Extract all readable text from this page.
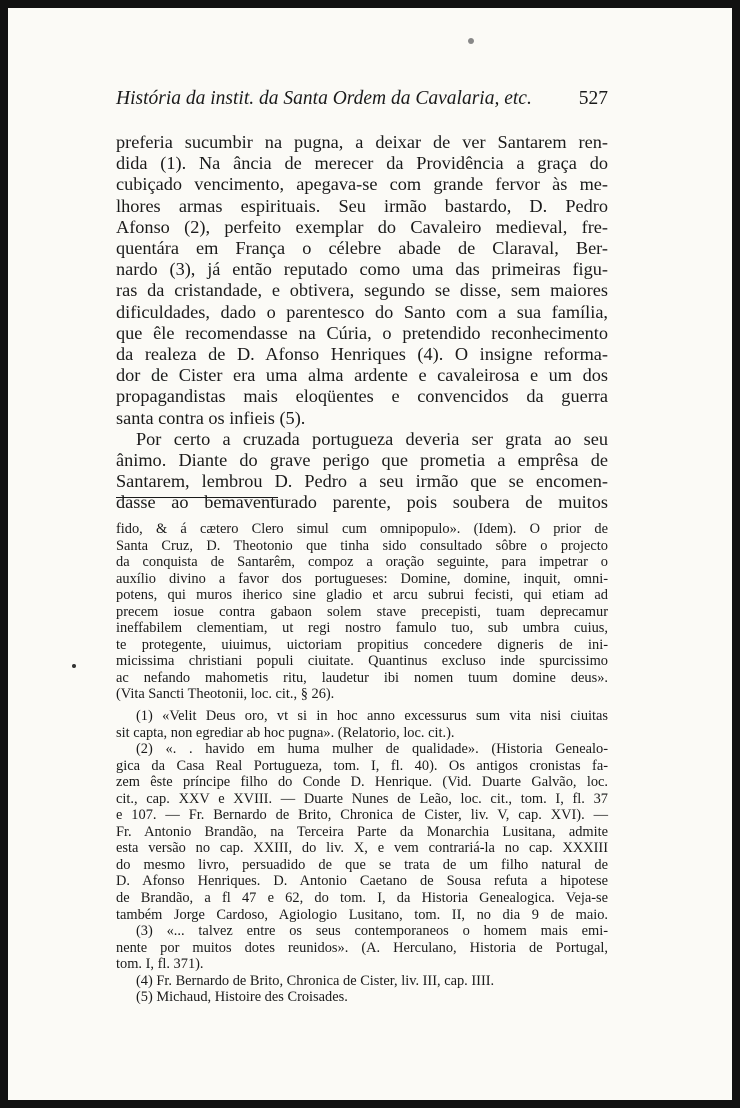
História da instit. da Santa Ordem da Cavalaria, etc. 527
preferia sucumbir na pugna, a deixar de ver Santarem ren-
dida (1). Na ância de merecer da Providência a graça do
cubiçado vencimento, apegava-se com grande fervor às me-
lhores armas espirituais. Seu irmão bastardo, D. Pedro
Afonso (2), perfeito exemplar do Cavaleiro medieval, fre-
quentára em França o célebre abade de Claraval, Ber-
nardo (3), já então reputado como uma das primeiras figu-
ras da cristandade, e obtivera, segundo se disse, sem maiores
dificuldades, dado o parentesco do Santo com a sua família,
que êle recomendasse na Cúria, o pretendido reconhecimento
da realeza de D. Afonso Henriques (4). O insigne reforma-
dor de Cister era uma alma ardente e cavaleirosa e um dos
propagandistas mais eloqüentes e convencidos da guerra
santa contra os infieis (5).
Por certo a cruzada portugueza deveria ser grata ao seu
ânimo. Diante do grave perigo que prometia a emprêsa de
Santarem, lembrou D. Pedro a seu irmão que se encomen-
dasse ao bemaventurado parente, pois soubera de muitos
fido, & á cætero Clero simul cum omnipopulo». (Idem). O prior de
Santa Cruz, D. Theotonio que tinha sido consultado sôbre o projecto
da conquista de Santarêm, compoz a oração seguinte, para impetrar o
auxílio divino a favor dos portugueses: Domine, domine, inquit, omni-
potens, qui muros iherico sine gladio et arcu subrui fecisti, qui etiam ad
precem iosue contra gabaon solem stave precepisti, tuam deprecamur
ineffabilem clementiam, ut regi nostro famulo tuo, sub umbra cuius,
te protegente, uiuimus, uictoriam propitius concedere digneris de ini-
micissima christiani populi ciuitate. Quantinus excluso inde spurcissimo
ac nefando mahometis ritu, laudetur ibi nomen tuum domine deus».
(Vita Sancti Theotonii, loc. cit., § 26).
(1) «Velit Deus oro, vt si in hoc anno excessurus sum vita nisi ciuitas
sit capta, non egrediar ab hoc pugna». (Relatorio, loc. cit.).
(2) «. . havido em huma mulher de qualidade». (Historia Genealo-
gica da Casa Real Portugueza, tom. I, fl. 40). Os antigos cronistas fa-
zem êste príncipe filho do Conde D. Henrique. (Vid. Duarte Galvão, loc.
cit., cap. XXV e XVIII. — Duarte Nunes de Leão, loc. cit., tom. I, fl. 37
e 107. — Fr. Bernardo de Brito, Chronica de Cister, liv. V, cap. XVI). —
Fr. Antonio Brandão, na Terceira Parte da Monarchia Lusitana, admite
esta versão no cap. XXIII, do liv. X, e vem contrariá-la no cap. XXXIII
do mesmo livro, persuadido de que se trata de um filho natural de
D. Afonso Henriques. D. Antonio Caetano de Sousa refuta a hipotese
de Brandão, a fl 47 e 62, do tom. I, da Historia Genealogica. Veja-se
também Jorge Cardoso, Agiologio Lusitano, tom. II, no dia 9 de maio.
(3) «... talvez entre os seus contemporaneos o homem mais emi-
nente por muitos dotes reunidos». (A. Herculano, Historia de Portugal,
tom. I, fl. 371).
(4) Fr. Bernardo de Brito, Chronica de Cister, liv. III, cap. IIII.
(5) Michaud, Histoire des Croisades.
